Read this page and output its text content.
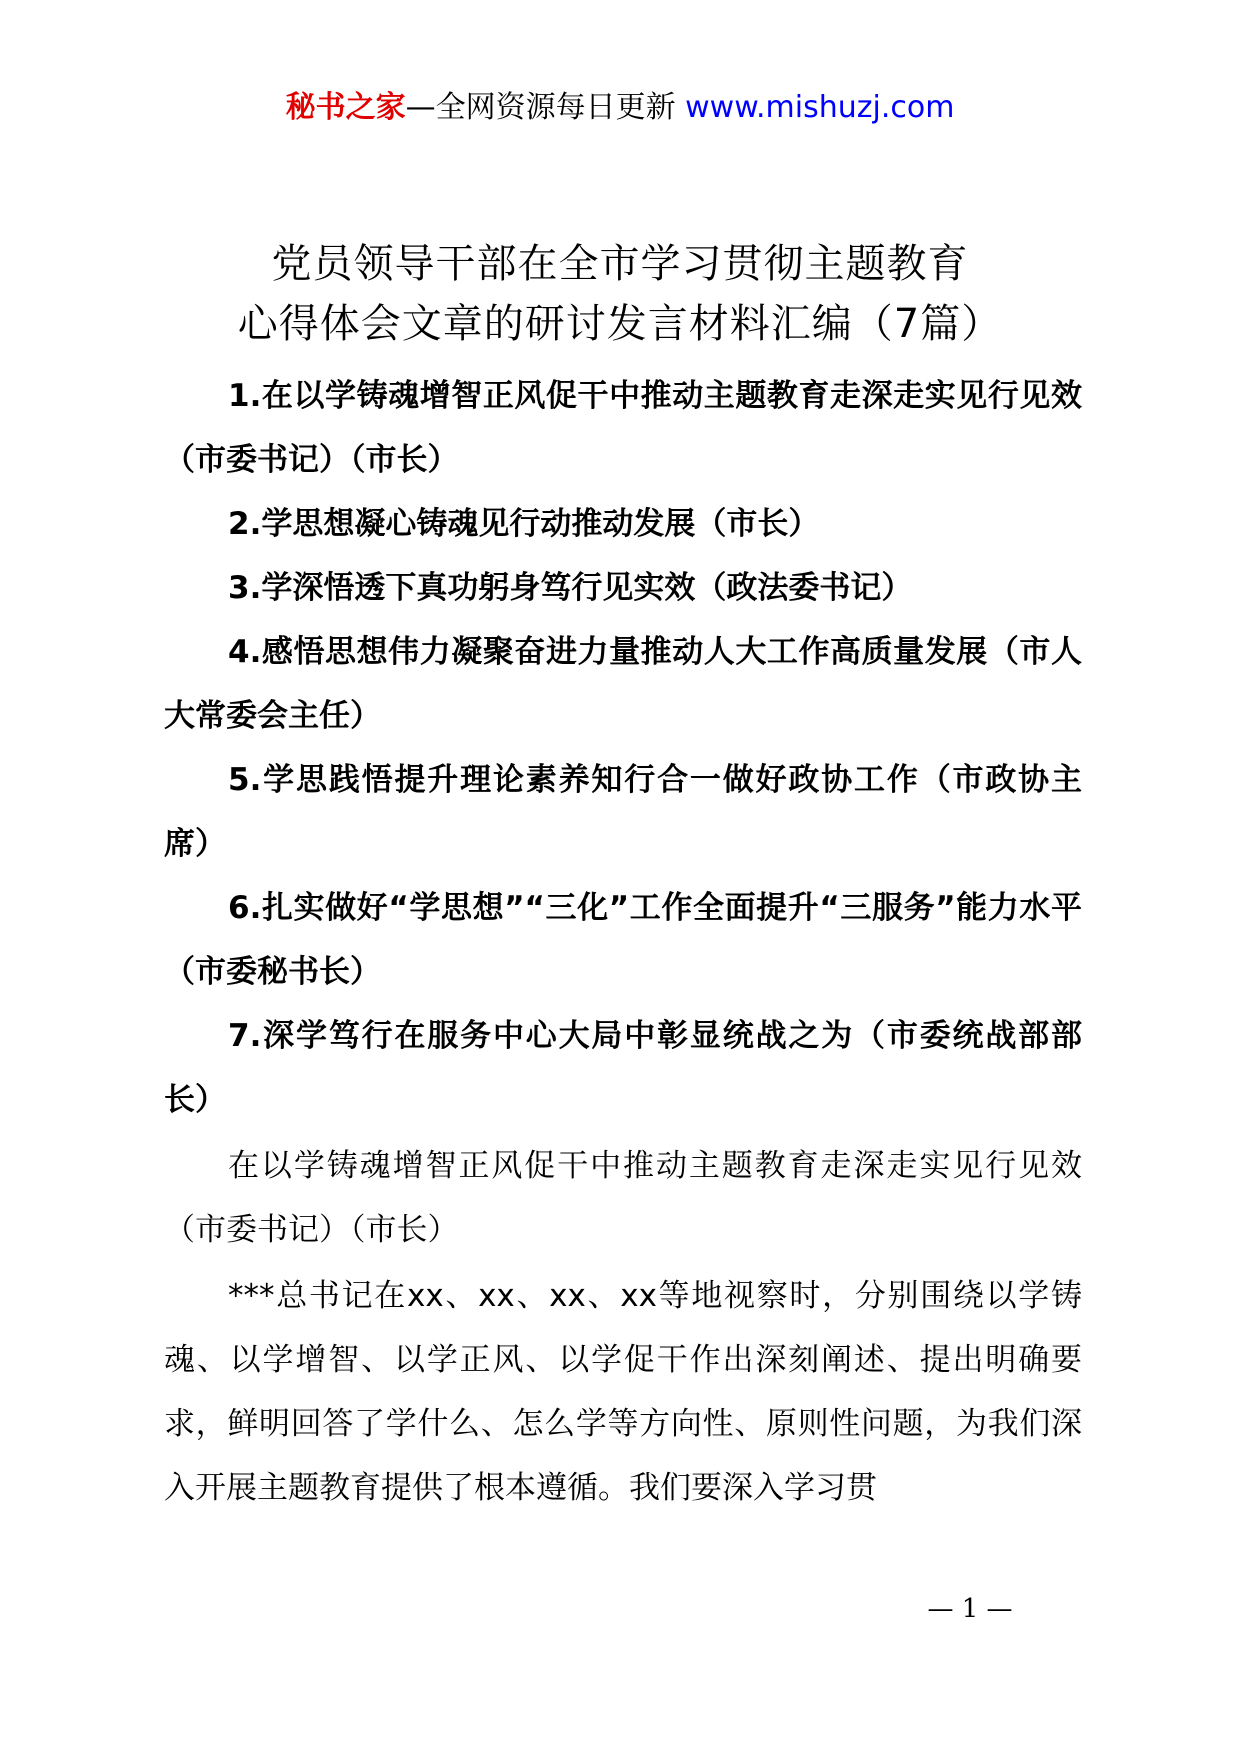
秘书之家—全网资源每日更新 www.mishuzj.com
党员领导干部在全市学习贯彻主题教育
心得体会文章的研讨发言材料汇编（7篇）
1.在以学铸魂增智正风促干中推动主题教育走深走实见行见效（市委书记）（市长）
2.学思想凝心铸魂见行动推动发展（市长）
3.学深悟透下真功躬身笃行见实效（政法委书记）
4.感悟思想伟力凝聚奋进力量推动人大工作高质量发展（市人大常委会主任）
5.学思践悟提升理论素养知行合一做好政协工作（市政协主席）
6.扎实做好“学思想”“三化”工作全面提升“三服务”能力水平（市委秘书长）
7.深学笃行在服务中心大局中彰显统战之为（市委统战部部长）
在以学铸魂增智正风促干中推动主题教育走深走实见行见效（市委书记）（市长）
***总书记在xx、xx、xx、xx等地视察时，分别围绕以学铸魂、以学增智、以学正风、以学促干作出深刻阐述、提出明确要求，鲜明回答了学什么、怎么学等方向性、原则性问题，为我们深入开展主题教育提供了根本遵循。我们要深入学习贯
— 1 —
